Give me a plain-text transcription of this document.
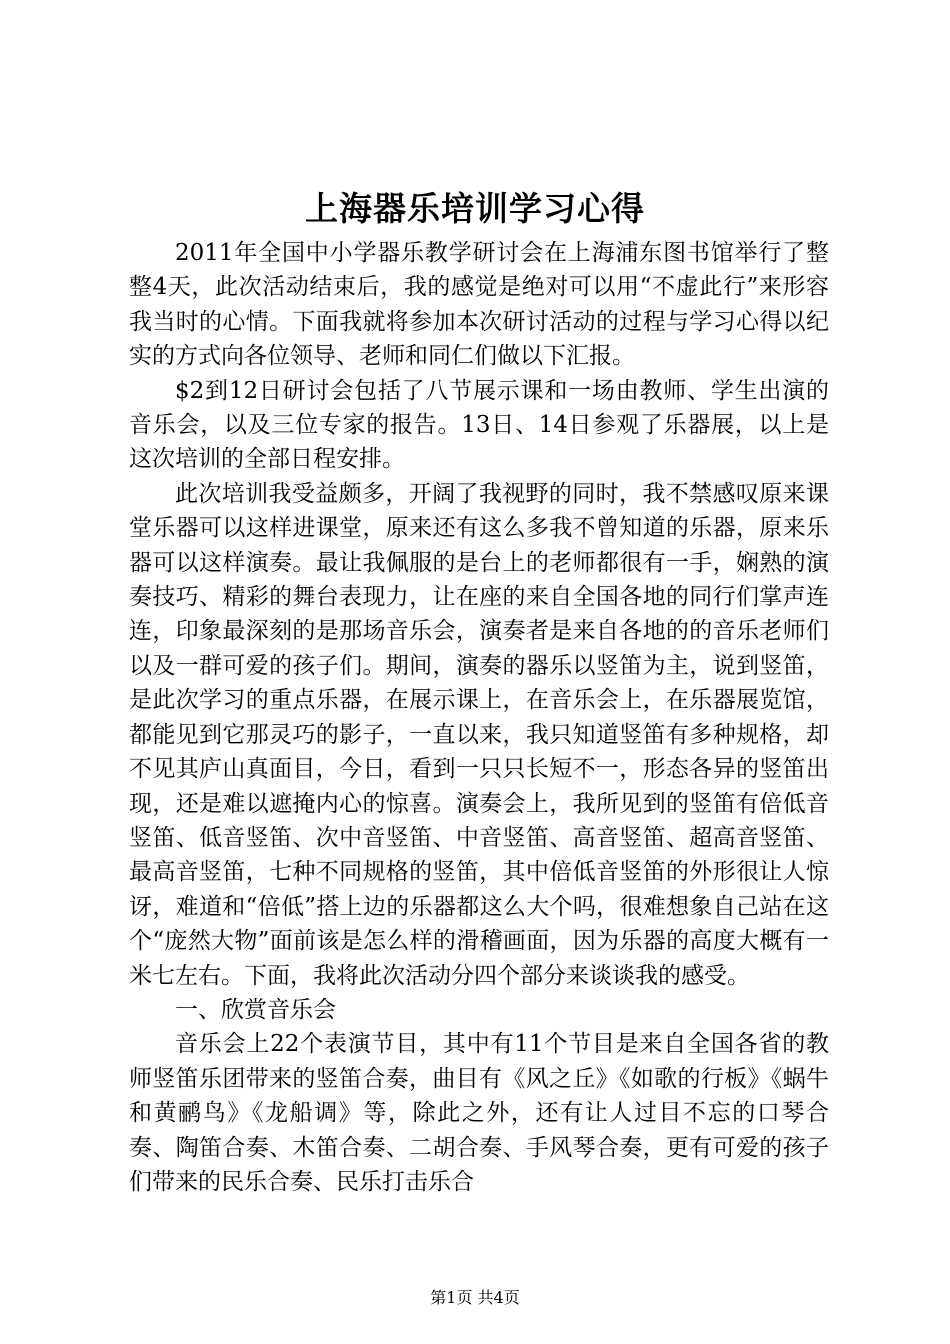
上海器乐培训学习心得

2011年全国中小学器乐教学研讨会在上海浦东图书馆举行了整整4天，此次活动结束后，我的感觉是绝对可以用“不虚此行”来形容我当时的心情。下面我就将参加本次研讨活动的过程与学习心得以纪实的方式向各位领导、老师和同仁们做以下汇报。

$2到12日研讨会包括了八节展示课和一场由教师、学生出演的音乐会，以及三位专家的报告。13日、14日参观了乐器展，以上是这次培训的全部日程安排。

此次培训我受益颇多，开阔了我视野的同时，我不禁感叹原来课堂乐器可以这样进课堂，原来还有这么多我不曾知道的乐器，原来乐器可以这样演奏。最让我佩服的是台上的老师都很有一手，娴熟的演奏技巧、精彩的舞台表现力，让在座的来自全国各地的同行们掌声连连，印象最深刻的是那场音乐会，演奏者是来自各地的的音乐老师们以及一群可爱的孩子们。期间，演奏的器乐以竖笛为主，说到竖笛，是此次学习的重点乐器，在展示课上，在音乐会上，在乐器展览馆，都能见到它那灵巧的影子，一直以来，我只知道竖笛有多种规格，却不见其庐山真面目，今日，看到一只只长短不一，形态各异的竖笛出现，还是难以遮掩内心的惊喜。演奏会上，我所见到的竖笛有倍低音竖笛、低音竖笛、次中音竖笛、中音竖笛、高音竖笛、超高音竖笛、最高音竖笛，七种不同规格的竖笛，其中倍低音竖笛的外形很让人惊讶，难道和“倍低”搭上边的乐器都这么大个吗，很难想象自己站在这个“庞然大物”面前该是怎么样的滑稽画面，因为乐器的高度大概有一米七左右。下面，我将此次活动分四个部分来谈谈我的感受。

一、欣赏音乐会

音乐会上22个表演节目，其中有11个节目是来自全国各省的教师竖笛乐团带来的竖笛合奏，曲目有《风之丘》《如歌的行板》《蜗牛和黄鹂鸟》《龙船调》等，除此之外，还有让人过目不忘的口琴合奏、陶笛合奏、木笛合奏、二胡合奏、手风琴合奏，更有可爱的孩子们带来的民乐合奏、民乐打击乐合

第1页 共4页
